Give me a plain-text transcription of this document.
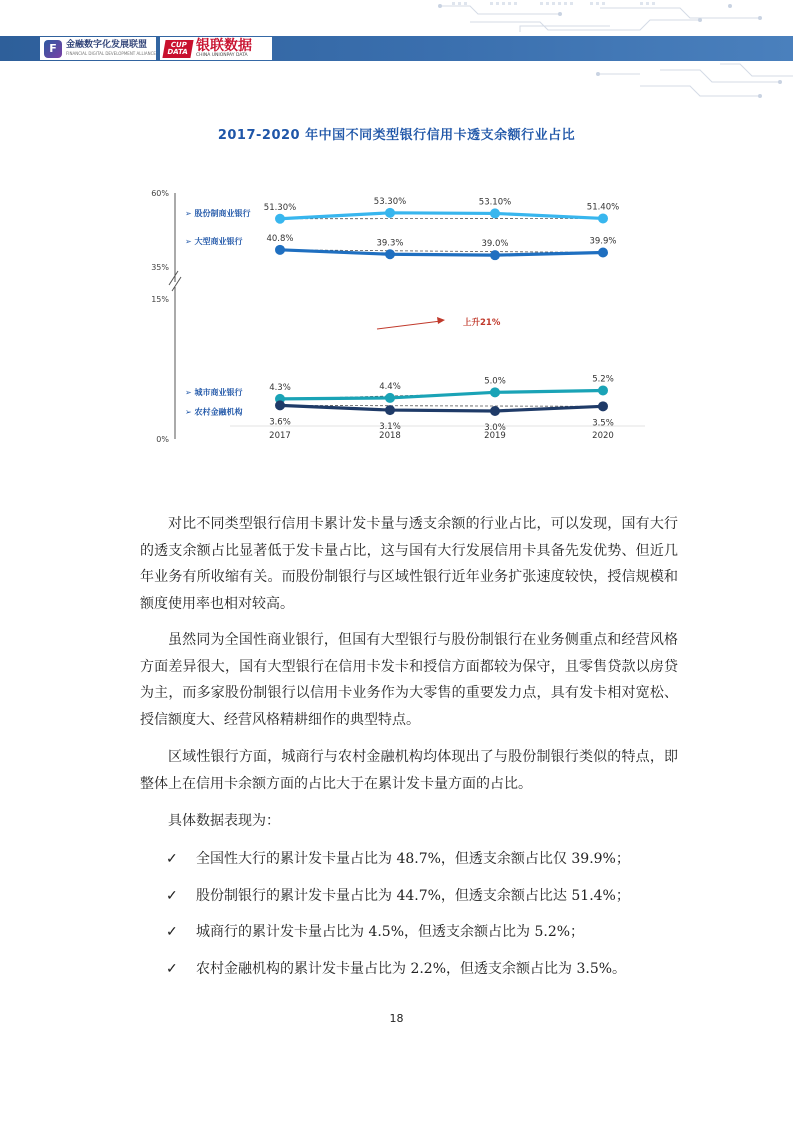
F	金融数字化发展联盟
FINANCIAL DIGITAL DEVELOPMENT ALLIANCE
CUP
DATA 银联数据
CHINA UNIONPAY DATA
2017-2020 年中国不同类型银行信用卡透支余额行业占比
60%
35%
15%
0%
51.30%
53.30%	53.10%
51.40%
40.8%	39.3%	39.0%	39.9%
4.3%	4.4%
5.0%	5.2%
3.6%	3.1%	3.0%	3.5%
➢ 股份制商业银行
➢ 大型商业银行
➢ 城市商业银行
➢ 农村金融机构
2017	2018	2019	2020
上升21%

对比不同类型银行信用卡累计发卡量与透支余额的行业占比，可以发现，国有大行的透支余额占比显著低于发卡量占比，这与国有大行发展信用卡具备先发优势、但近几年业务有所收缩有关。而股份制银行与区域性银行近年业务扩张速度较快，授信规模和额度使用率也相对较高。

虽然同为全国性商业银行，但国有大型银行与股份制银行在业务侧重点和经营风格方面差异很大，国有大型银行在信用卡发卡和授信方面都较为保守，且零售贷款以房贷为主，而多家股份制银行以信用卡业务作为大零售的重要发力点，具有发卡相对宽松、授信额度大、经营风格精耕细作的典型特点。

区域性银行方面，城商行与农村金融机构均体现出了与股份制银行类似的特点，即整体上在信用卡余额方面的占比大于在累计发卡量方面的占比。

具体数据表现为：

✓ 全国性大行的累计发卡量占比为 48.7%，但透支余额占比仅 39.9%；
✓ 股份制银行的累计发卡量占比为 44.7%，但透支余额占比达 51.4%；
✓ 城商行的累计发卡量占比为 4.5%，但透支余额占比为 5.2%；
✓ 农村金融机构的累计发卡量占比为 2.2%，但透支余额占比为 3.5%。
18
